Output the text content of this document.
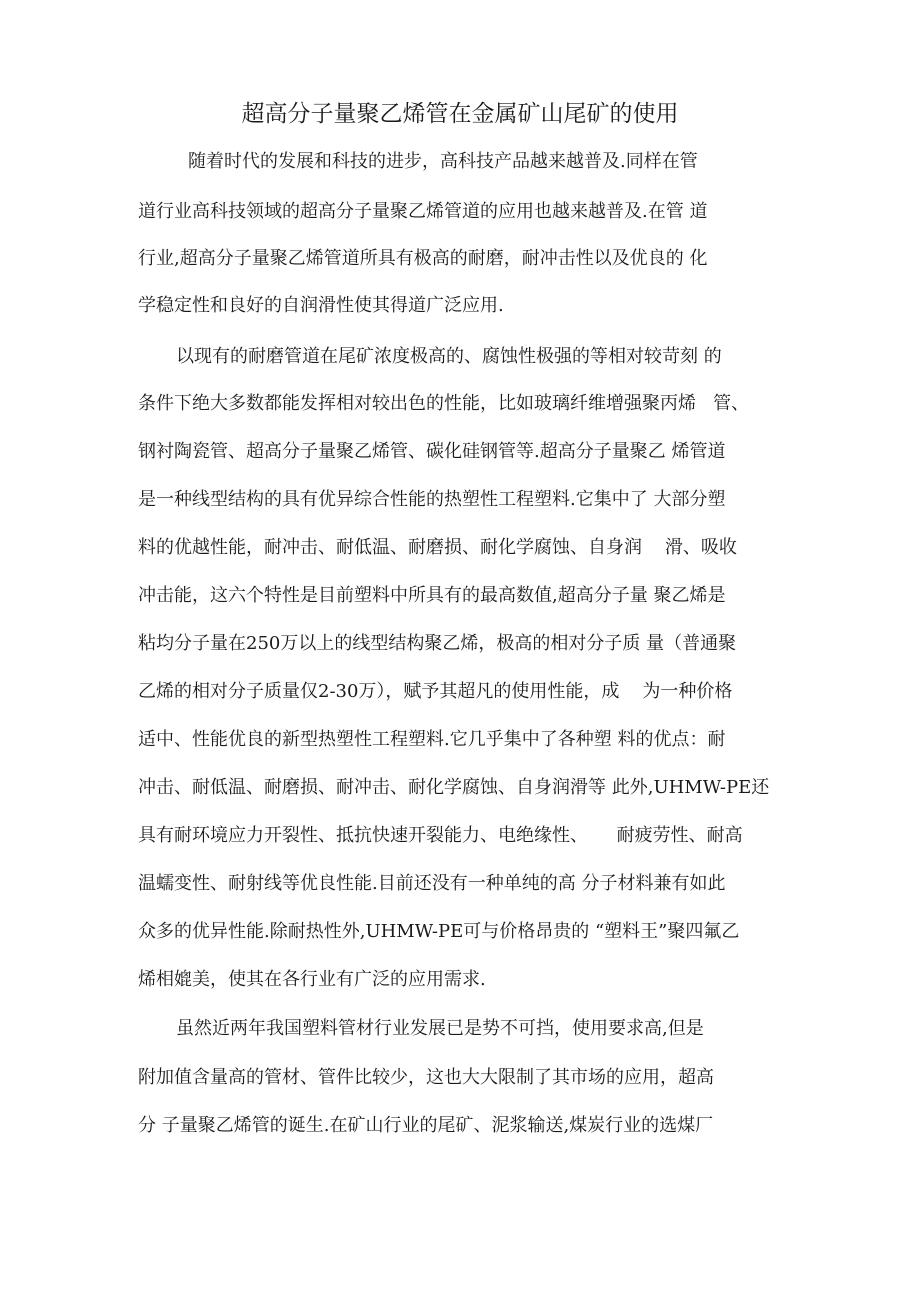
超高分子量聚乙烯管在金属矿山尾矿的使用
随着时代的发展和科技的进步，高科技产品越来越普及.同样在管
道行业高科技领域的超高分子量聚乙烯管道的应用也越来越普及.在管 道
行业,超高分子量聚乙烯管道所具有极高的耐磨，耐冲击性以及优良的 化
学稳定性和良好的自润滑性使其得道广泛应用.
以现有的耐磨管道在尾矿浓度极高的、腐蚀性极强的等相对较苛刻 的
条件下绝大多数都能发挥相对较出色的性能，比如玻璃纤维增强聚丙烯   管、
钢衬陶瓷管、超高分子量聚乙烯管、碳化硅钢管等.超高分子量聚乙 烯管道
是一种线型结构的具有优异综合性能的热塑性工程塑料.它集中了 大部分塑
料的优越性能，耐冲击、耐低温、耐磨损、耐化学腐蚀、自身润    滑、吸收
冲击能，这六个特性是目前塑料中所具有的最高数值,超高分子量 聚乙烯是
粘均分子量在250万以上的线型结构聚乙烯，极高的相对分子质 量（普通聚
乙烯的相对分子质量仅2-30万），赋予其超凡的使用性能，成    为一种价格
适中、性能优良的新型热塑性工程塑料.它几乎集中了各种塑 料的优点：耐
冲击、耐低温、耐磨损、耐冲击、耐化学腐蚀、自身润滑等 此外,UHMW-PE还
具有耐环境应力开裂性、抵抗快速开裂能力、电绝缘性、     耐疲劳性、耐高
温蠕变性、耐射线等优良性能.目前还没有一种单纯的高 分子材料兼有如此
众多的优异性能.除耐热性外,UHMW-PE可与价格昂贵的 “塑料王”聚四氟乙
烯相媲美，使其在各行业有广泛的应用需求.
虽然近两年我国塑料管材行业发展已是势不可挡，使用要求高,但是
附加值含量高的管材、管件比较少，这也大大限制了其市场的应用，超高
分 子量聚乙烯管的诞生.在矿山行业的尾矿、泥浆输送,煤炭行业的选煤厂
